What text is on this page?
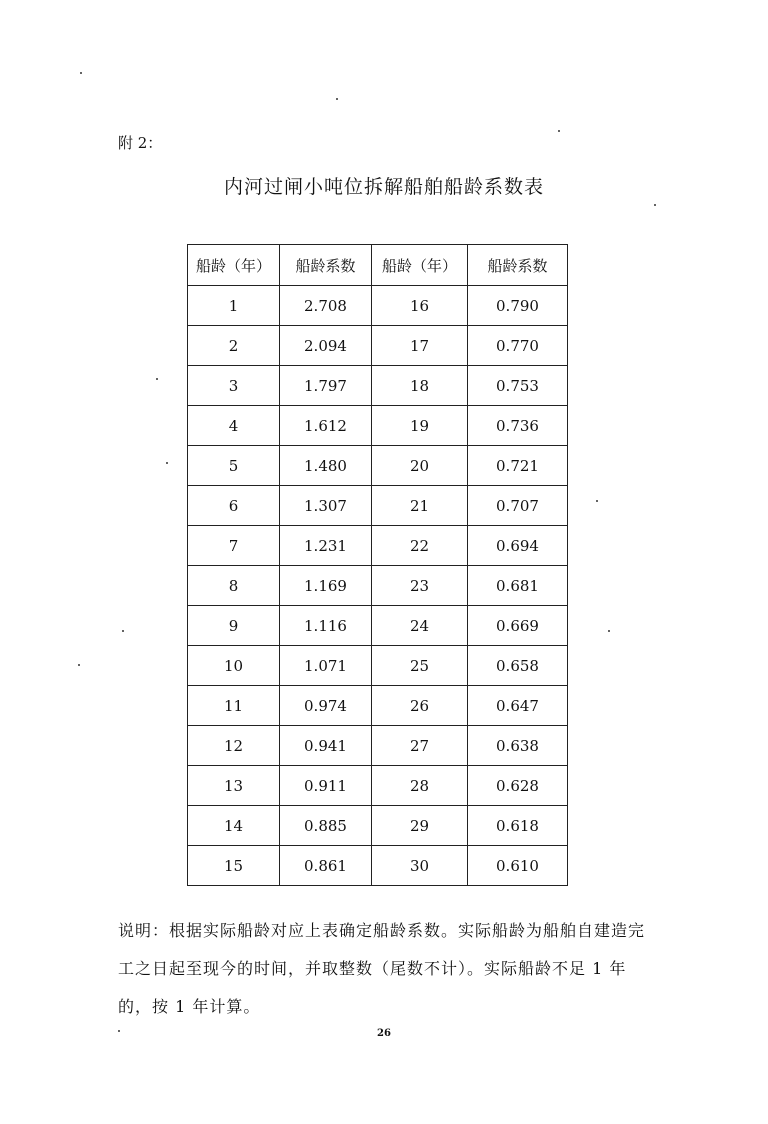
附 2：
内河过闸小吨位拆解船舶船龄系数表
船龄（年）	船龄系数	船龄（年）	船龄系数
1	2.708	16	0.790
2	2.094	17	0.770
3	1.797	18	0.753
4	1.612	19	0.736
5	1.480	20	0.721
6	1.307	21	0.707
7	1.231	22	0.694
8	1.169	23	0.681
9	1.116	24	0.669
10	1.071	25	0.658
11	0.974	26	0.647
12	0.941	27	0.638
13	0.911	28	0.628
14	0.885	29	0.618
15	0.861	30	0.610
说明：根据实际船龄对应上表确定船龄系数。实际船龄为船舶自建造完工之日起至现今的时间，并取整数（尾数不计）。实际船龄不足 1 年的，按 1 年计算。
26
